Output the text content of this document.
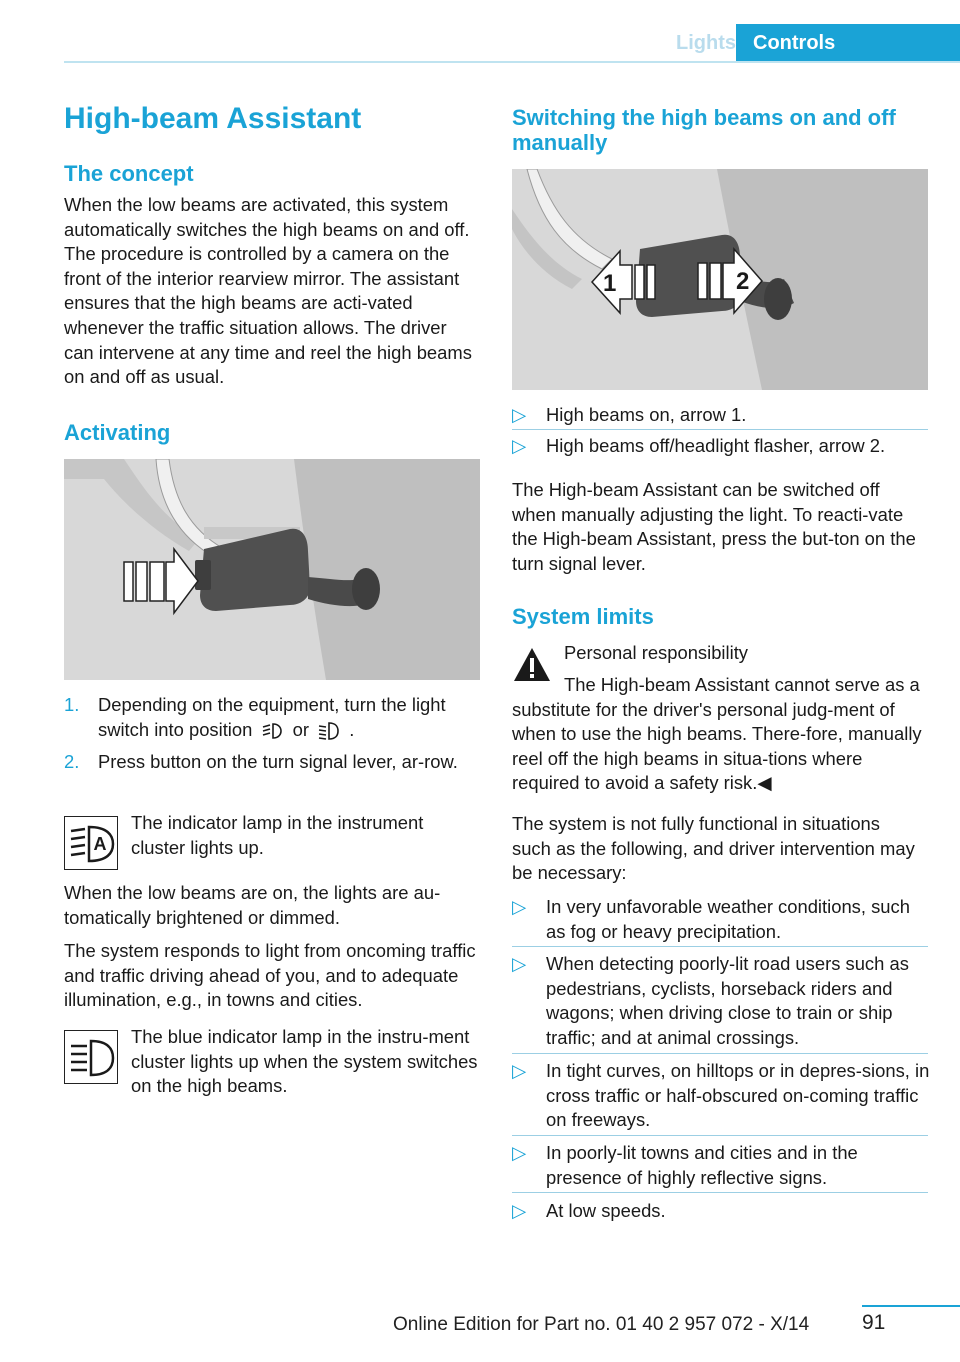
Lights Controls
High-beam Assistant
The concept

When the low beams are activated, this system automatically switches the high beams on and off. The procedure is controlled by a camera on the front of the interior rearview mirror. The assistant ensures that the high beams are acti-vated whenever the traffic situation allows. The driver can intervene at any time and reel the high beams on and off as usual.

Activating
1. Depending on the equipment, turn the light switch into position or .
2. Press button on the turn signal lever, ar-row.
A

The indicator lamp in the instrument cluster lights up.

When the low beams are on, the lights are au-tomatically brightened or dimmed.

The system responds to light from oncoming traffic and traffic driving ahead of you, and to adequate illumination, e.g., in towns and cities.

The blue indicator lamp in the instru-ment cluster lights up when the system switches on the high beams.

Switching the high beams on and off manually
2
1
▷ High beams on, arrow 1.
▷ High beams off/headlight flasher, arrow 2.

The High-beam Assistant can be switched off when manually adjusting the light. To reacti-vate the High-beam Assistant, press the but-ton on the turn signal lever.

System limits
Personal responsibility
The High-beam Assistant cannot serve as a substitute for the driver's personal judg-ment of when to use the high beams. There-fore, manually reel off the high beams in situa-tions where required to avoid a safety risk.◀

The system is not fully functional in situations such as the following, and driver intervention may be necessary:

▷ In very unfavorable weather conditions, such as fog or heavy precipitation.
▷ When detecting poorly-lit road users such as pedestrians, cyclists, horseback riders and wagons; when driving close to train or ship traffic; and at animal crossings.
▷ In tight curves, on hilltops or in depres-sions, in cross traffic or half-obscured on-coming traffic on freeways.
▷ In poorly-lit towns and cities and in the presence of highly reflective signs.
▷ At low speeds.
91
Online Edition for Part no. 01 40 2 957 072 - X/14
